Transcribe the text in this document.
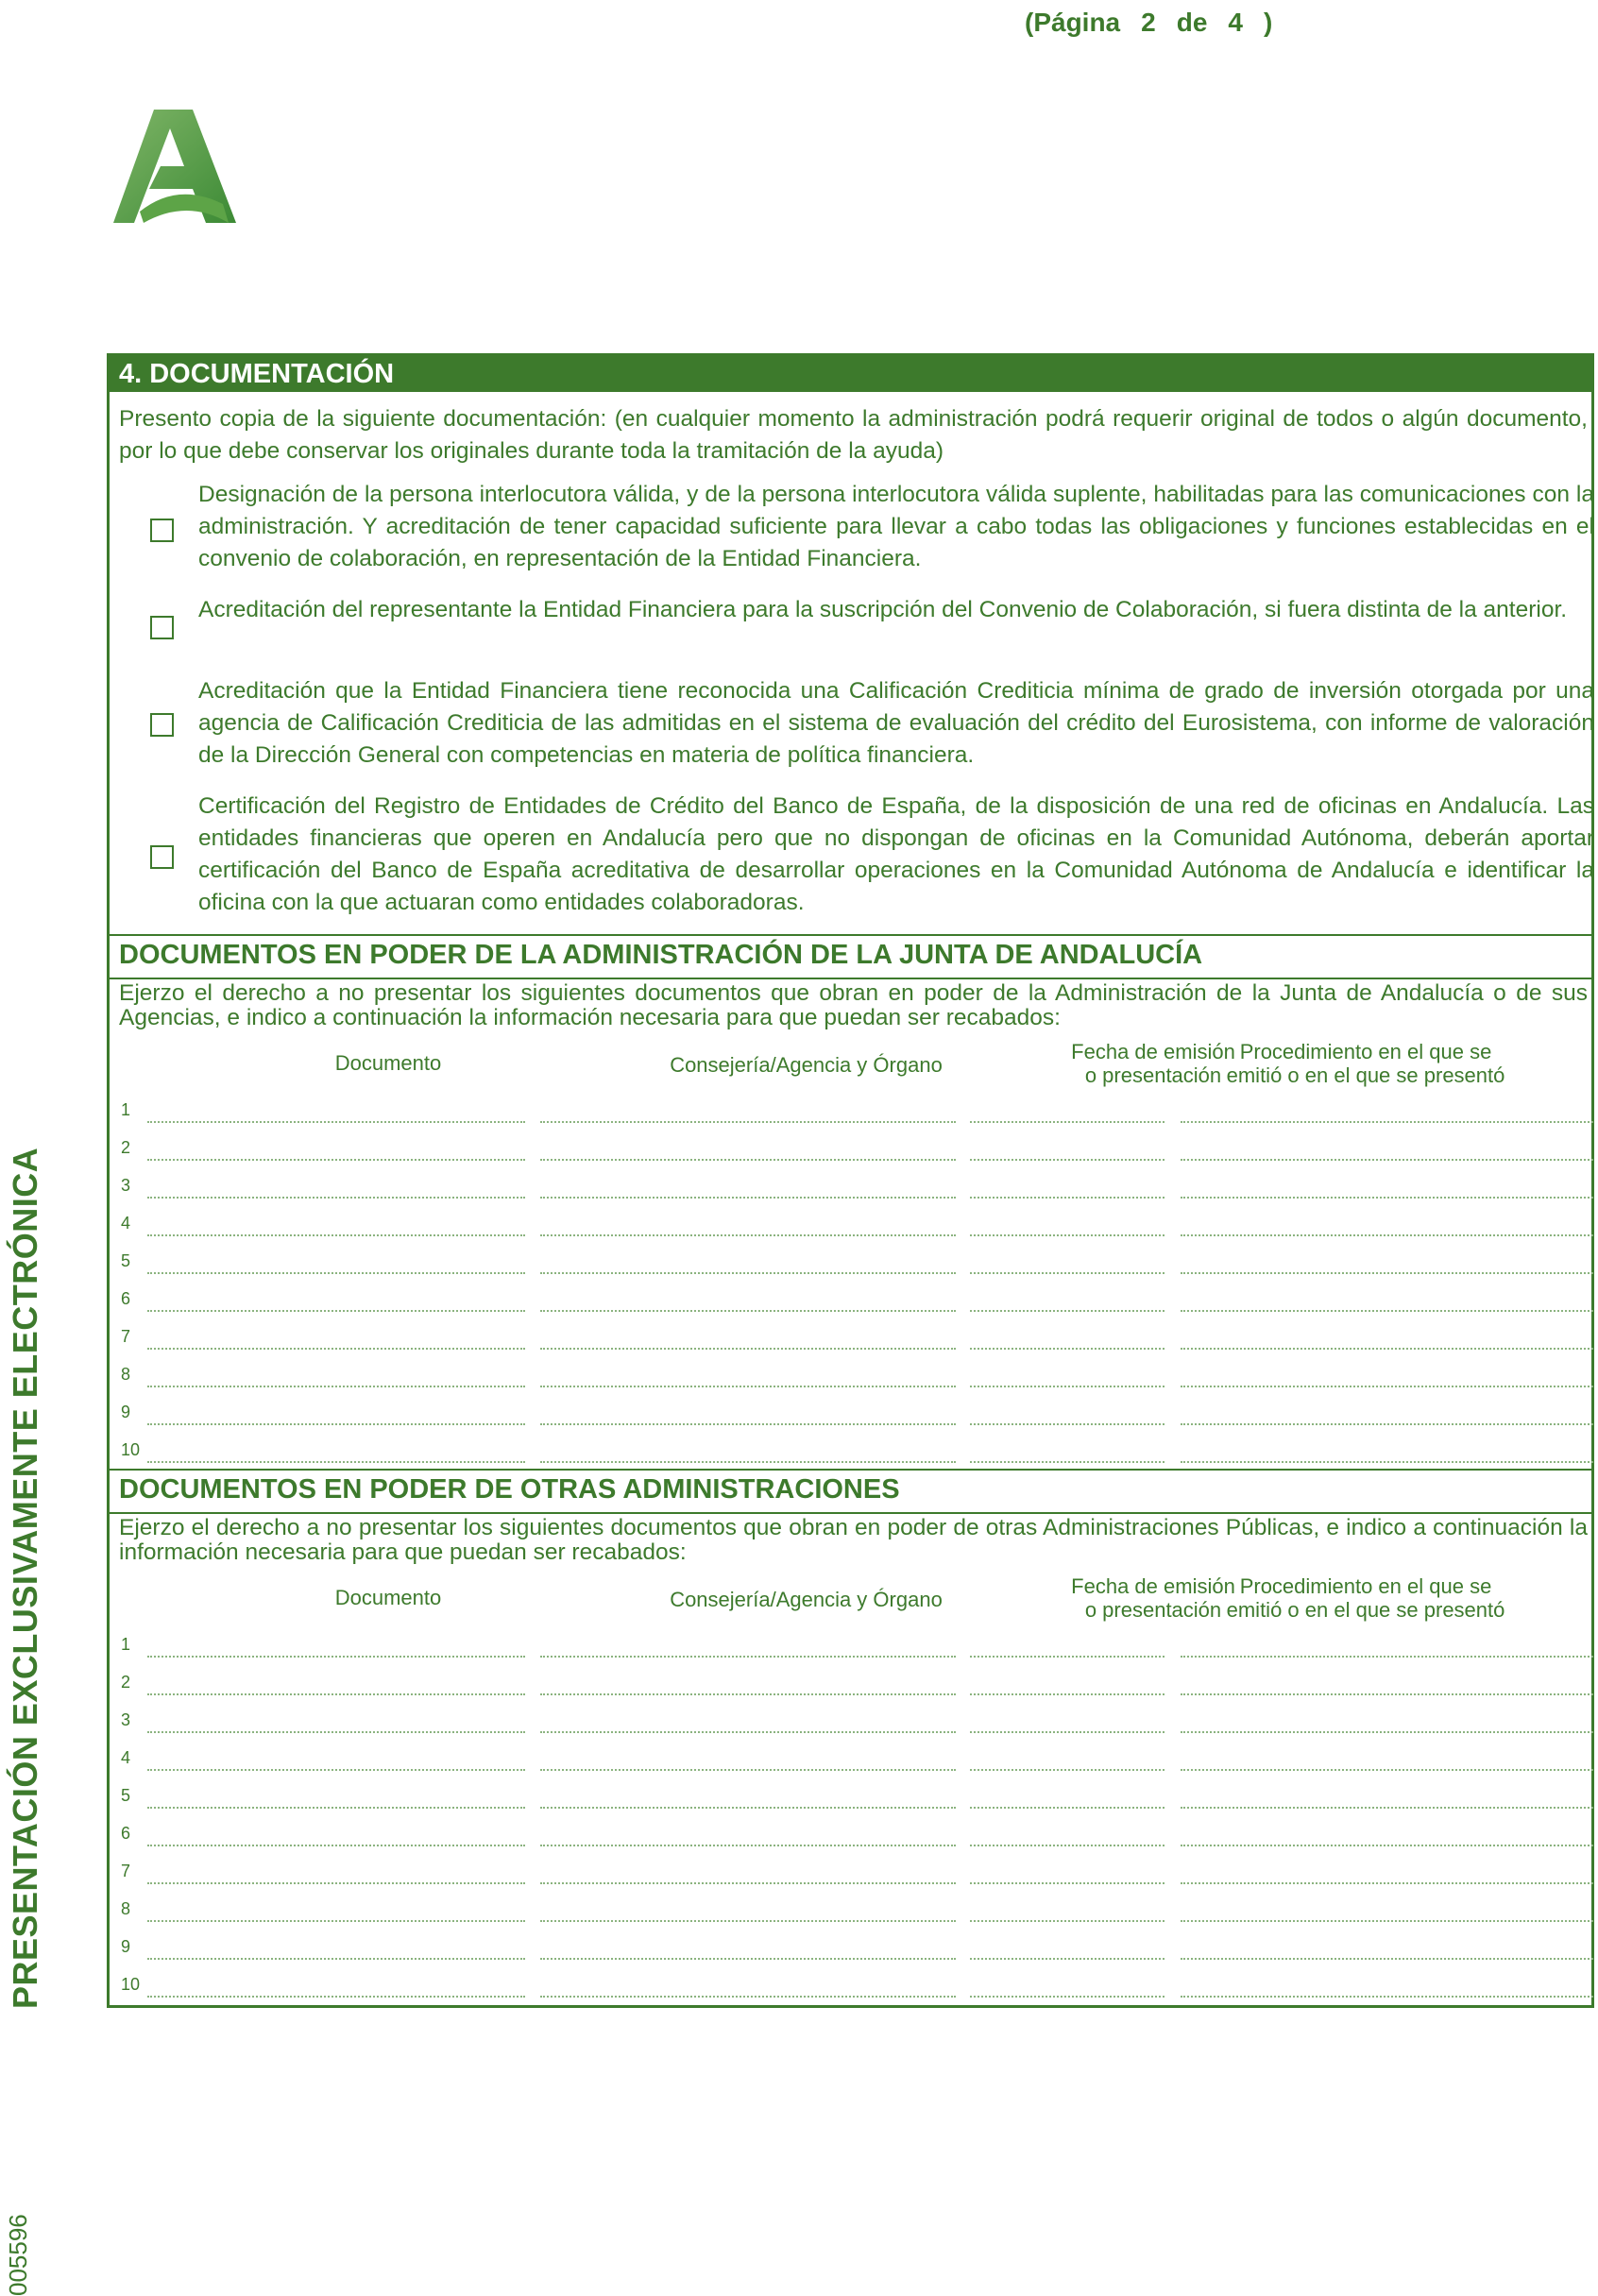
(Página 2 de 4 )
PRESENTACIÓN EXCLUSIVAMENTE ELECTRÓNICA
005596
4. DOCUMENTACIÓN
Presento copia de la siguiente documentación: (en cualquier momento la administración podrá requerir original de todos o algún documento, por lo que debe conservar los originales durante toda la tramitación de la ayuda)
Designación de la persona interlocutora válida, y de la persona interlocutora válida suplente, habilitadas para las comunicaciones con la administración. Y acreditación de tener capacidad suficiente para llevar a cabo todas las obligaciones y funciones establecidas en el convenio de colaboración, en representación de la Entidad Financiera.
Acreditación del representante la Entidad Financiera para la suscripción del Convenio de Colaboración, si fuera distinta de la anterior.
Acreditación que la Entidad Financiera tiene reconocida una Calificación Crediticia mínima de grado de inversión otorgada por una agencia de Calificación Crediticia de las admitidas en el sistema de evaluación del crédito del Eurosistema, con informe de valoración de la Dirección General con competencias en materia de política financiera.
Certificación del Registro de Entidades de Crédito del Banco de España, de la disposición de una red de oficinas en Andalucía. Las entidades financieras que operen en Andalucía pero que no dispongan de oficinas en la Comunidad Autónoma, deberán aportar certificación del Banco de España acreditativa de desarrollar operaciones en la Comunidad Autónoma de Andalucía e identificar la oficina con la que actuaran como entidades colaboradoras.
DOCUMENTOS EN PODER DE LA ADMINISTRACIÓN DE LA JUNTA DE ANDALUCÍA
Ejerzo el derecho a no presentar los siguientes documentos que obran en poder de la Administración de la Junta de Andalucía o de sus Agencias, e indico a continuación la información necesaria para que puedan ser recabados:
Documento	Consejería/Agencia y Órgano
Fecha de emisión
o presentación
Procedimiento en el que se
emitió o en el que se presentó
1
2
3
4
5
6
7
8
9
10
DOCUMENTOS EN PODER DE OTRAS ADMINISTRACIONES
Ejerzo el derecho a no presentar los siguientes documentos que obran en poder de otras Administraciones Públicas, e indico a continuación la información necesaria para que puedan ser recabados:
Documento	Consejería/Agencia y Órgano
Fecha de emisión
o presentación
Procedimiento en el que se
emitió o en el que se presentó
1
2
3
4
5
6
7
8
9
10
